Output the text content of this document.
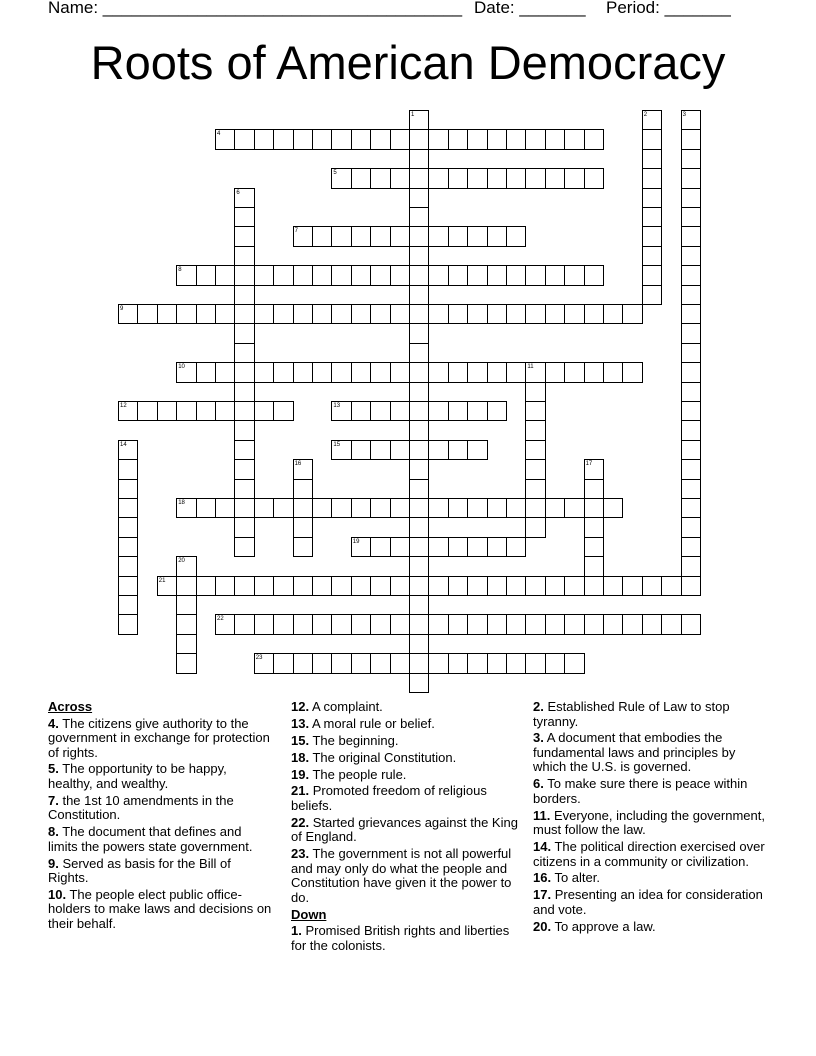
Name: ______________________________________ Date: _______ Period: _______
Roots of American Democracy
1	2	3
4
5
6
7
8
9
10	11
12	13
14	15
16	17
18
19
20
21
22
23
Across
4. The citizens give authority to the government in exchange for protection of rights.
5. The opportunity to be happy, healthy, and wealthy.
7. the 1st 10 amendments in the Constitution.
8. The document that defines and limits the powers state government.
9. Served as basis for the Bill of Rights.
10. The people elect public office-holders to make laws and decisions on their behalf.
12. A complaint.
13. A moral rule or belief.
15. The beginning.
18. The original Constitution.
19. The people rule.
21. Promoted freedom of religious beliefs.
22. Started grievances against the King of England.
23. The government is not all powerful and may only do what the people and Constitution have given it the power to do.
Down
1. Promised British rights and liberties for the colonists.
2. Established Rule of Law to stop tyranny.
3. A document that embodies the fundamental laws and principles by which the U.S. is governed.
6. To make sure there is peace within borders.
11. Everyone, including the government, must follow the law.
14. The political direction exercised over citizens in a community or civilization.
16. To alter.
17. Presenting an idea for consideration and vote.
20. To approve a law.
